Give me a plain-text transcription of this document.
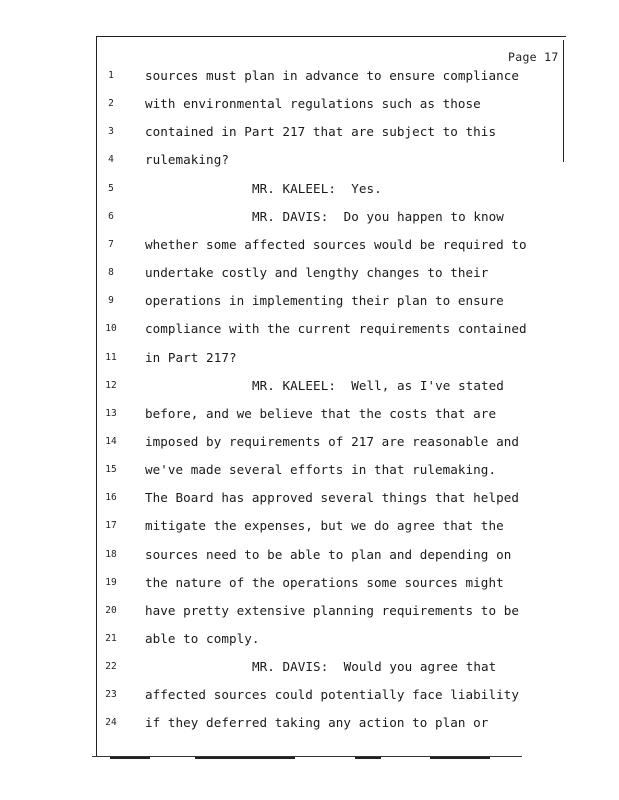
Page 17
1	sources must plan in advance to ensure compliance
2	with environmental regulations such as those
3	contained in Part 217 that are subject to this
4	rulemaking?
5	MR. KALEEL:  Yes.
6	MR. DAVIS:  Do you happen to know
7	whether some affected sources would be required to
8	undertake costly and lengthy changes to their
9	operations in implementing their plan to ensure
10	compliance with the current requirements contained
11	in Part 217?
12	MR. KALEEL:  Well, as I've stated
13	before, and we believe that the costs that are
14	imposed by requirements of 217 are reasonable and
15	we've made several efforts in that rulemaking.
16	The Board has approved several things that helped
17	mitigate the expenses, but we do agree that the
18	sources need to be able to plan and depending on
19	the nature of the operations some sources might
20	have pretty extensive planning requirements to be
21	able to comply.
22	MR. DAVIS:  Would you agree that
23	affected sources could potentially face liability
24	if they deferred taking any action to plan or
